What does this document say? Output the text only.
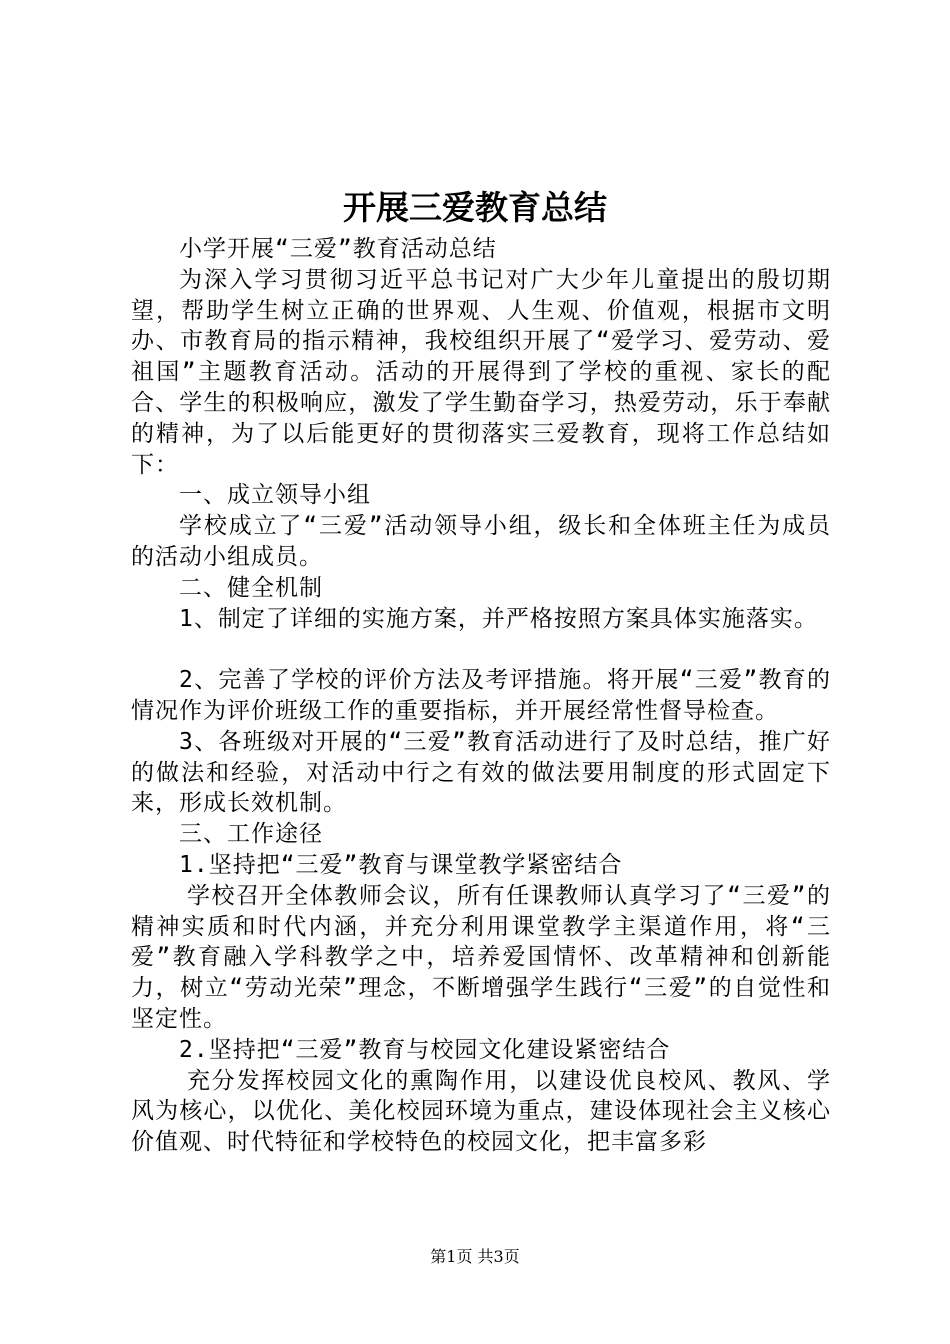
开展三爱教育总结

小学开展“三爱”教育活动总结

为深入学习贯彻习近平总书记对广大少年儿童提出的殷切期望，帮助学生树立正确的世界观、人生观、价值观，根据市文明办、市教育局的指示精神，我校组织开展了“爱学习、爱劳动、爱祖国”主题教育活动。活动的开展得到了学校的重视、家长的配合、学生的积极响应，激发了学生勤奋学习，热爱劳动，乐于奉献的精神，为了以后能更好的贯彻落实三爱教育，现将工作总结如下：

一、成立领导小组

学校成立了“三爱”活动领导小组，级长和全体班主任为成员的活动小组成员。

二、健全机制

1、制定了详细的实施方案，并严格按照方案具体实施落实。

2、完善了学校的评价方法及考评措施。将开展“三爱”教育的情况作为评价班级工作的重要指标，并开展经常性督导检查。

3、各班级对开展的“三爱”教育活动进行了及时总结，推广好的做法和经验，对活动中行之有效的做法要用制度的形式固定下来，形成长效机制。

三、工作途径

1.坚持把“三爱”教育与课堂教学紧密结合

学校召开全体教师会议，所有任课教师认真学习了“三爱”的精神实质和时代内涵，并充分利用课堂教学主渠道作用，将“三爱”教育融入学科教学之中，培养爱国情怀、改革精神和创新能力，树立“劳动光荣”理念，不断增强学生践行“三爱”的自觉性和坚定性。

2.坚持把“三爱”教育与校园文化建设紧密结合

充分发挥校园文化的熏陶作用，以建设优良校风、教风、学风为核心，以优化、美化校园环境为重点，建设体现社会主义核心价值观、时代特征和学校特色的校园文化，把丰富多彩

第1页 共3页
